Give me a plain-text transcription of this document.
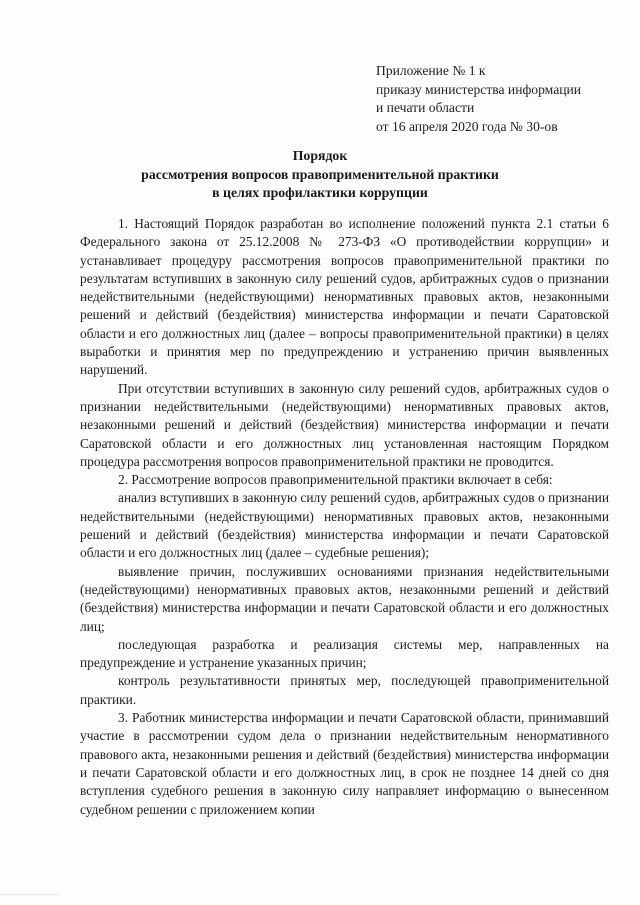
Приложение № 1 к
приказу министерства информации
и печати области
от 16 апреля 2020 года № 30-ов
Порядок
рассмотрения вопросов правоприменительной практики
в целях профилактики коррупции

1. Настоящий Порядок разработан во исполнение положений пункта 2.1 статьи 6 Федерального закона от 25.12.2008 № 273-ФЗ «О противодействии коррупции» и устанавливает процедуру рассмотрения вопросов правоприменительной практики по результатам вступивших в законную силу решений судов, арбитражных судов о признании недействительными (недействующими) ненормативных правовых актов, незаконными решений и действий (бездействия) министерства информации и печати Саратовской области и его должностных лиц (далее – вопросы правоприменительной практики) в целях выработки и принятия мер по предупреждению и устранению причин выявленных нарушений.

При отсутствии вступивших в законную силу решений судов, арбитражных судов о признании недействительными (недействующими) ненормативных правовых актов, незаконными решений и действий (бездействия) министерства информации и печати Саратовской области и его должностных лиц установленная настоящим Порядком процедура рассмотрения вопросов правоприменительной практики не проводится.

2. Рассмотрение вопросов правоприменительной практики включает в себя:

анализ вступивших в законную силу решений судов, арбитражных судов о признании недействительными (недействующими) ненормативных правовых актов, незаконными решений и действий (бездействия) министерства информации и печати Саратовской области и его должностных лиц (далее – судебные решения);

выявление причин, послуживших основаниями признания недействительными (недействующими) ненормативных правовых актов, незаконными решений и действий (бездействия) министерства информации и печати Саратовской области и его должностных лиц;

последующая разработка и реализация системы мер, направленных на предупреждение и устранение указанных причин;

контроль результативности принятых мер, последующей правоприменительной практики.

3. Работник министерства информации и печати Саратовской области, принимавший участие в рассмотрении судом дела о признании недействительным ненормативного правового акта, незаконными решения и действий (бездействия) министерства информации и печати Саратовской области и его должностных лиц, в срок не позднее 14 дней со дня вступления судебного решения в законную силу направляет информацию о вынесенном судебном решении с приложением копии
